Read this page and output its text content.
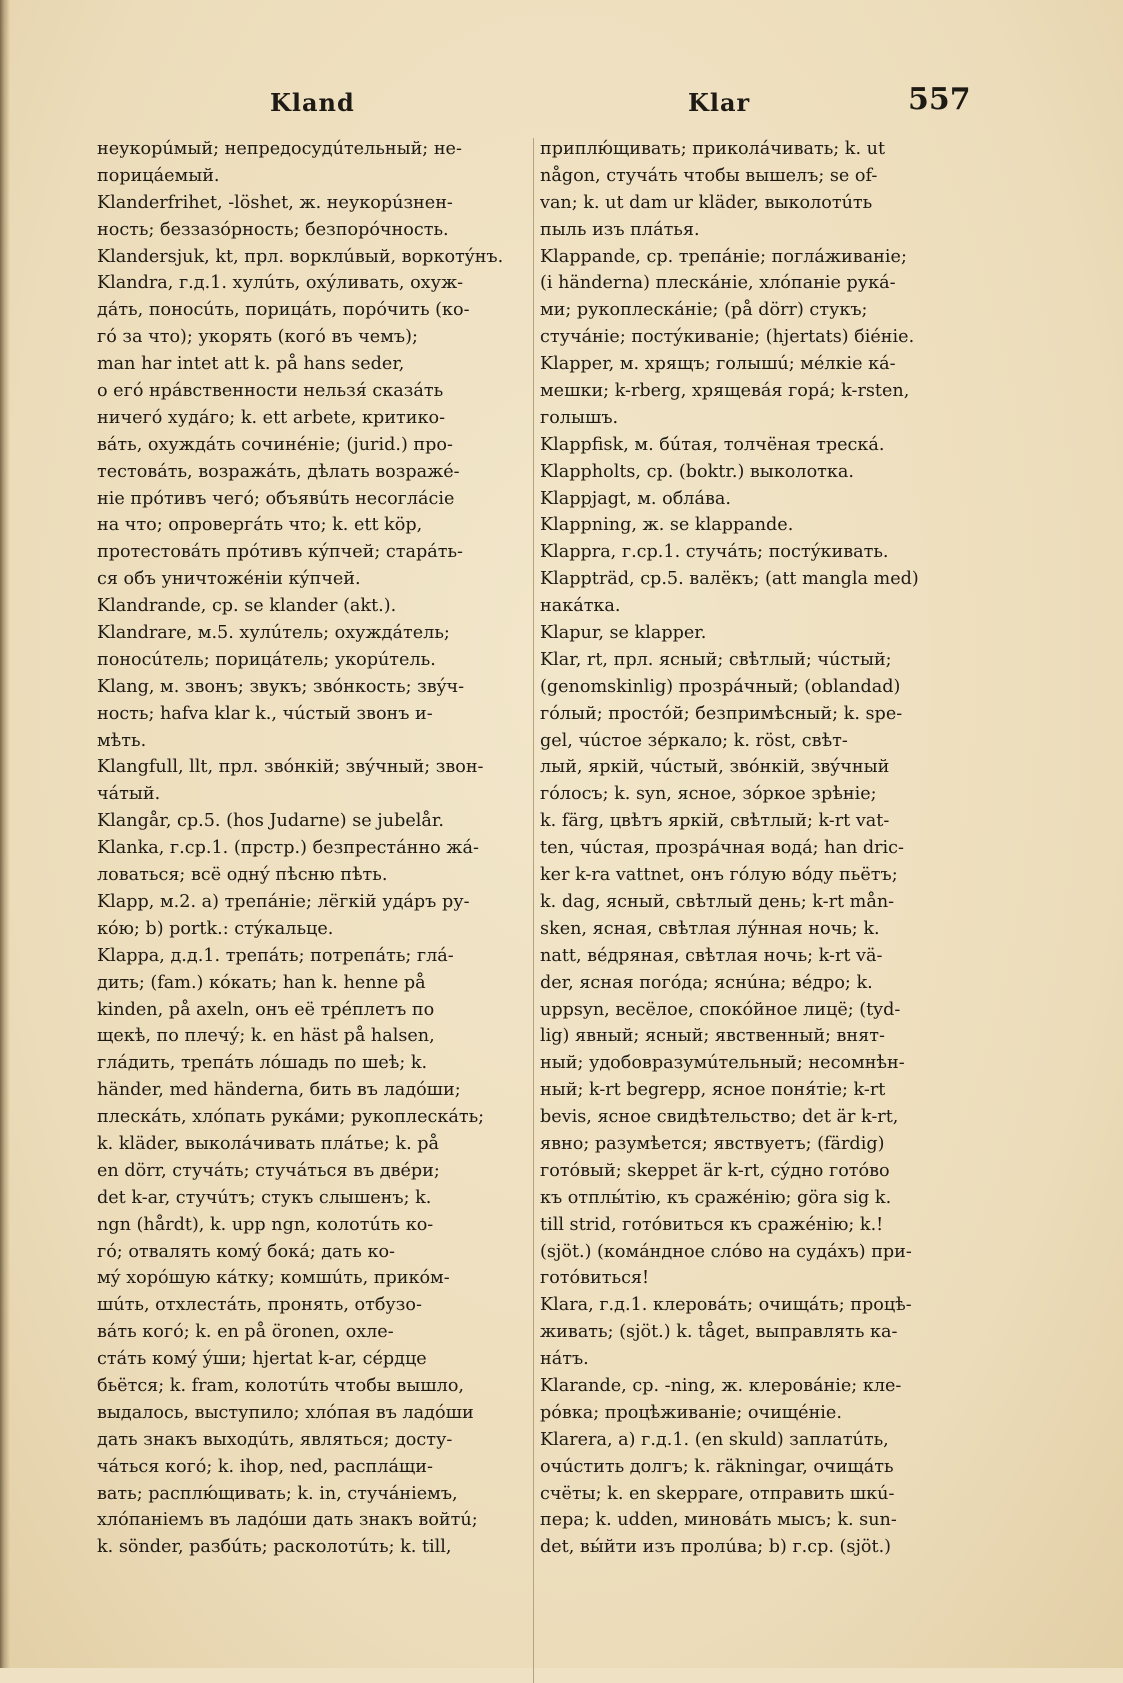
Kland	Klar	557
неукорúмый; непредосудúтельный; не-
порицáемый.
Klanderfrihet, -löshet, ж. неукорúзнен-
ность; беззазóрность; безпорóчность.
Klandersjuk, kt, прл. ворклúвый, воркотýнъ.
Klandra, г.д.1. хулúть, охýливать, охуж-
дáть, поносúть, порицáть, порóчить (ко-
гó за что); укорять (когó въ чемъ);
man har intet att k. på hans seder,
о егó нрáвственности нельзя́ сказáть
ничегó худáго; k. ett arbete, критико-
вáть, охуждáть сочинéніе; (jurid.) про-
тестовáть, возражáть, дѣлать возражé-
ніе прóтивъ чегó; объявúть несоглáсіе
на что; опровергáть что; k. ett köp,
протестовáть прóтивъ кýпчей; старáть-
ся объ уничтожéніи кýпчей.
Klandrande, ср. se klander (akt.).
Klandrare, м.5. хулúтель; охуждáтель;
поносúтель; порицáтель; укорúтель.
Klang, м. звонъ; звукъ; звóнкость; звýч-
ность; hafva klar k., чúстый звонъ и-
мѣть.
Klangfull, llt, прл. звóнкій; звýчный; звон-
чáтый.
Klangår, ср.5. (hos Judarne) se jubelår.
Klanka, г.ср.1. (прстр.) безпрестáнно жá-
ловаться; всё однý пѣсню пѣть.
Klapp, м.2. a) трепáніе; лёгкій удáръ ру-
кóю; b) portk.: стýкальце.
Klappa, д.д.1. трепáть; потрепáть; глá-
дить; (fam.) кóкать; han k. henne på
kinden, på axeln, онъ её трéплетъ по
щекѣ, по плечý; k. en häst på halsen,
глáдить, трепáть лóшадь по шеѣ; k.
händer, med händerna, бить въ ладóши;
плескáть, хлóпать рукáми; рукоплескáть;
k. kläder, выколáчивать плáтье; k. på
en dörr, стучáть; стучáться въ двéри;
det k-ar, стучúтъ; стукъ слышенъ; k.
ngn (hårdt), k. upp ngn, колотúть ко-
гó; отвалять комý бокá; дать ко-
мý хорóшую кáтку; комшúть, прикóм-
шúть, отхлестáть, пронять, отбузо-
вáть когó; k. en på öronen, охле-
стáть комý ýши; hjertat k-ar, сéрдце
бьётся; k. fram, колотúть чтобы вышло,
выдалось, выступило; хлóпая въ ладóши
дать знакъ выходúть, являться; досту-
чáться когó; k. ihop, ned, расплáщи-
вать; расплю́щивать; k. in, стучáніемъ,
хлóпаніемъ въ ладóши дать знакъ войтú;
k. sönder, разбúть; расколотúть; k. till,
приплю́щивать; приколáчивать; k. ut
någon, стучáть чтобы вышелъ; se of-
van; k. ut dam ur kläder, выколотúть
пыль изъ плáтья.
Klappande, ср. трепáніе; поглáживаніе;
(i händerna) плескáніе, хлóпаніе рукá-
ми; рукоплескáніе; (på dörr) стукъ;
стучáніе; постýкиваніе; (hjertats) біéніе.
Klapper, м. хрящъ; голышú; мéлкіе кá-
мешки; k-rberg, хрящевáя горá; k-rsten,
голышъ.
Klappfisk, м. бúтая, толчёная трескá.
Klappholts, ср. (boktr.) выколотка.
Klappjagt, м. облáва.
Klappning, ж. se klappande.
Klappra, г.ср.1. стучáть; постýкивать.
Klappträd, ср.5. валёкъ; (att mangla med)
накáтка.
Klapur, se klapper.
Klar, rt, прл. ясный; свѣтлый; чúстый;
(genomskinlig) прозрáчный; (oblandad)
гóлый; простóй; безпримѣсный; k. spe-
gel, чúстое зéркало; k. röst, свѣт-
лый, яркій, чúстый, звóнкій, звýчный
гóлосъ; k. syn, ясное, зóркое зрѣніе;
k. färg, цвѣтъ яркій, свѣтлый; k-rt vat-
ten, чúстая, прозрáчная водá; han dric-
ker k-ra vattnet, онъ гóлую вóду пьётъ;
k. dag, ясный, свѣтлый день; k-rt mån-
sken, ясная, свѣтлая лýнная ночь; k.
natt, вéдряная, свѣтлая ночь; k-rt vä-
der, ясная погóда; яснúна; вéдро; k.
uppsyn, весёлое, спокóйное лицё; (tyd-
lig) явный; ясный; явственный; внят-
ный; удобовразумúтельный; несомнѣн-
ный; k-rt begrepp, ясное поня́тіе; k-rt
bevis, ясное свидѣтельство; det är k-rt,
явно; разумѣется; явствуетъ; (färdig)
готóвый; skeppet är k-rt, сýдно готóво
къ отплы́тію, къ сражéнію; göra sig k.
till strid, готóвиться къ сражéнію; k.!
(sjöt.) (комáндное слóво на судáхъ) при-
готóвиться!
Klara, г.д.1. клеровáть; очищáть; процѣ-
живать; (sjöt.) k. tåget, выправлять ка-
нáтъ.
Klarande, ср. -ning, ж. клеровáніе; кле-
рóвка; процѣживаніе; очищéніе.
Klarera, a) г.д.1. (en skuld) заплатúть,
очúстить долгъ; k. räkningar, очищáть
счёты; k. en skeppare, отправить шкú-
пера; k. udden, миновáть мысъ; k. sun-
det, вы́йти изъ пролúва; b) г.ср. (sjöt.)
